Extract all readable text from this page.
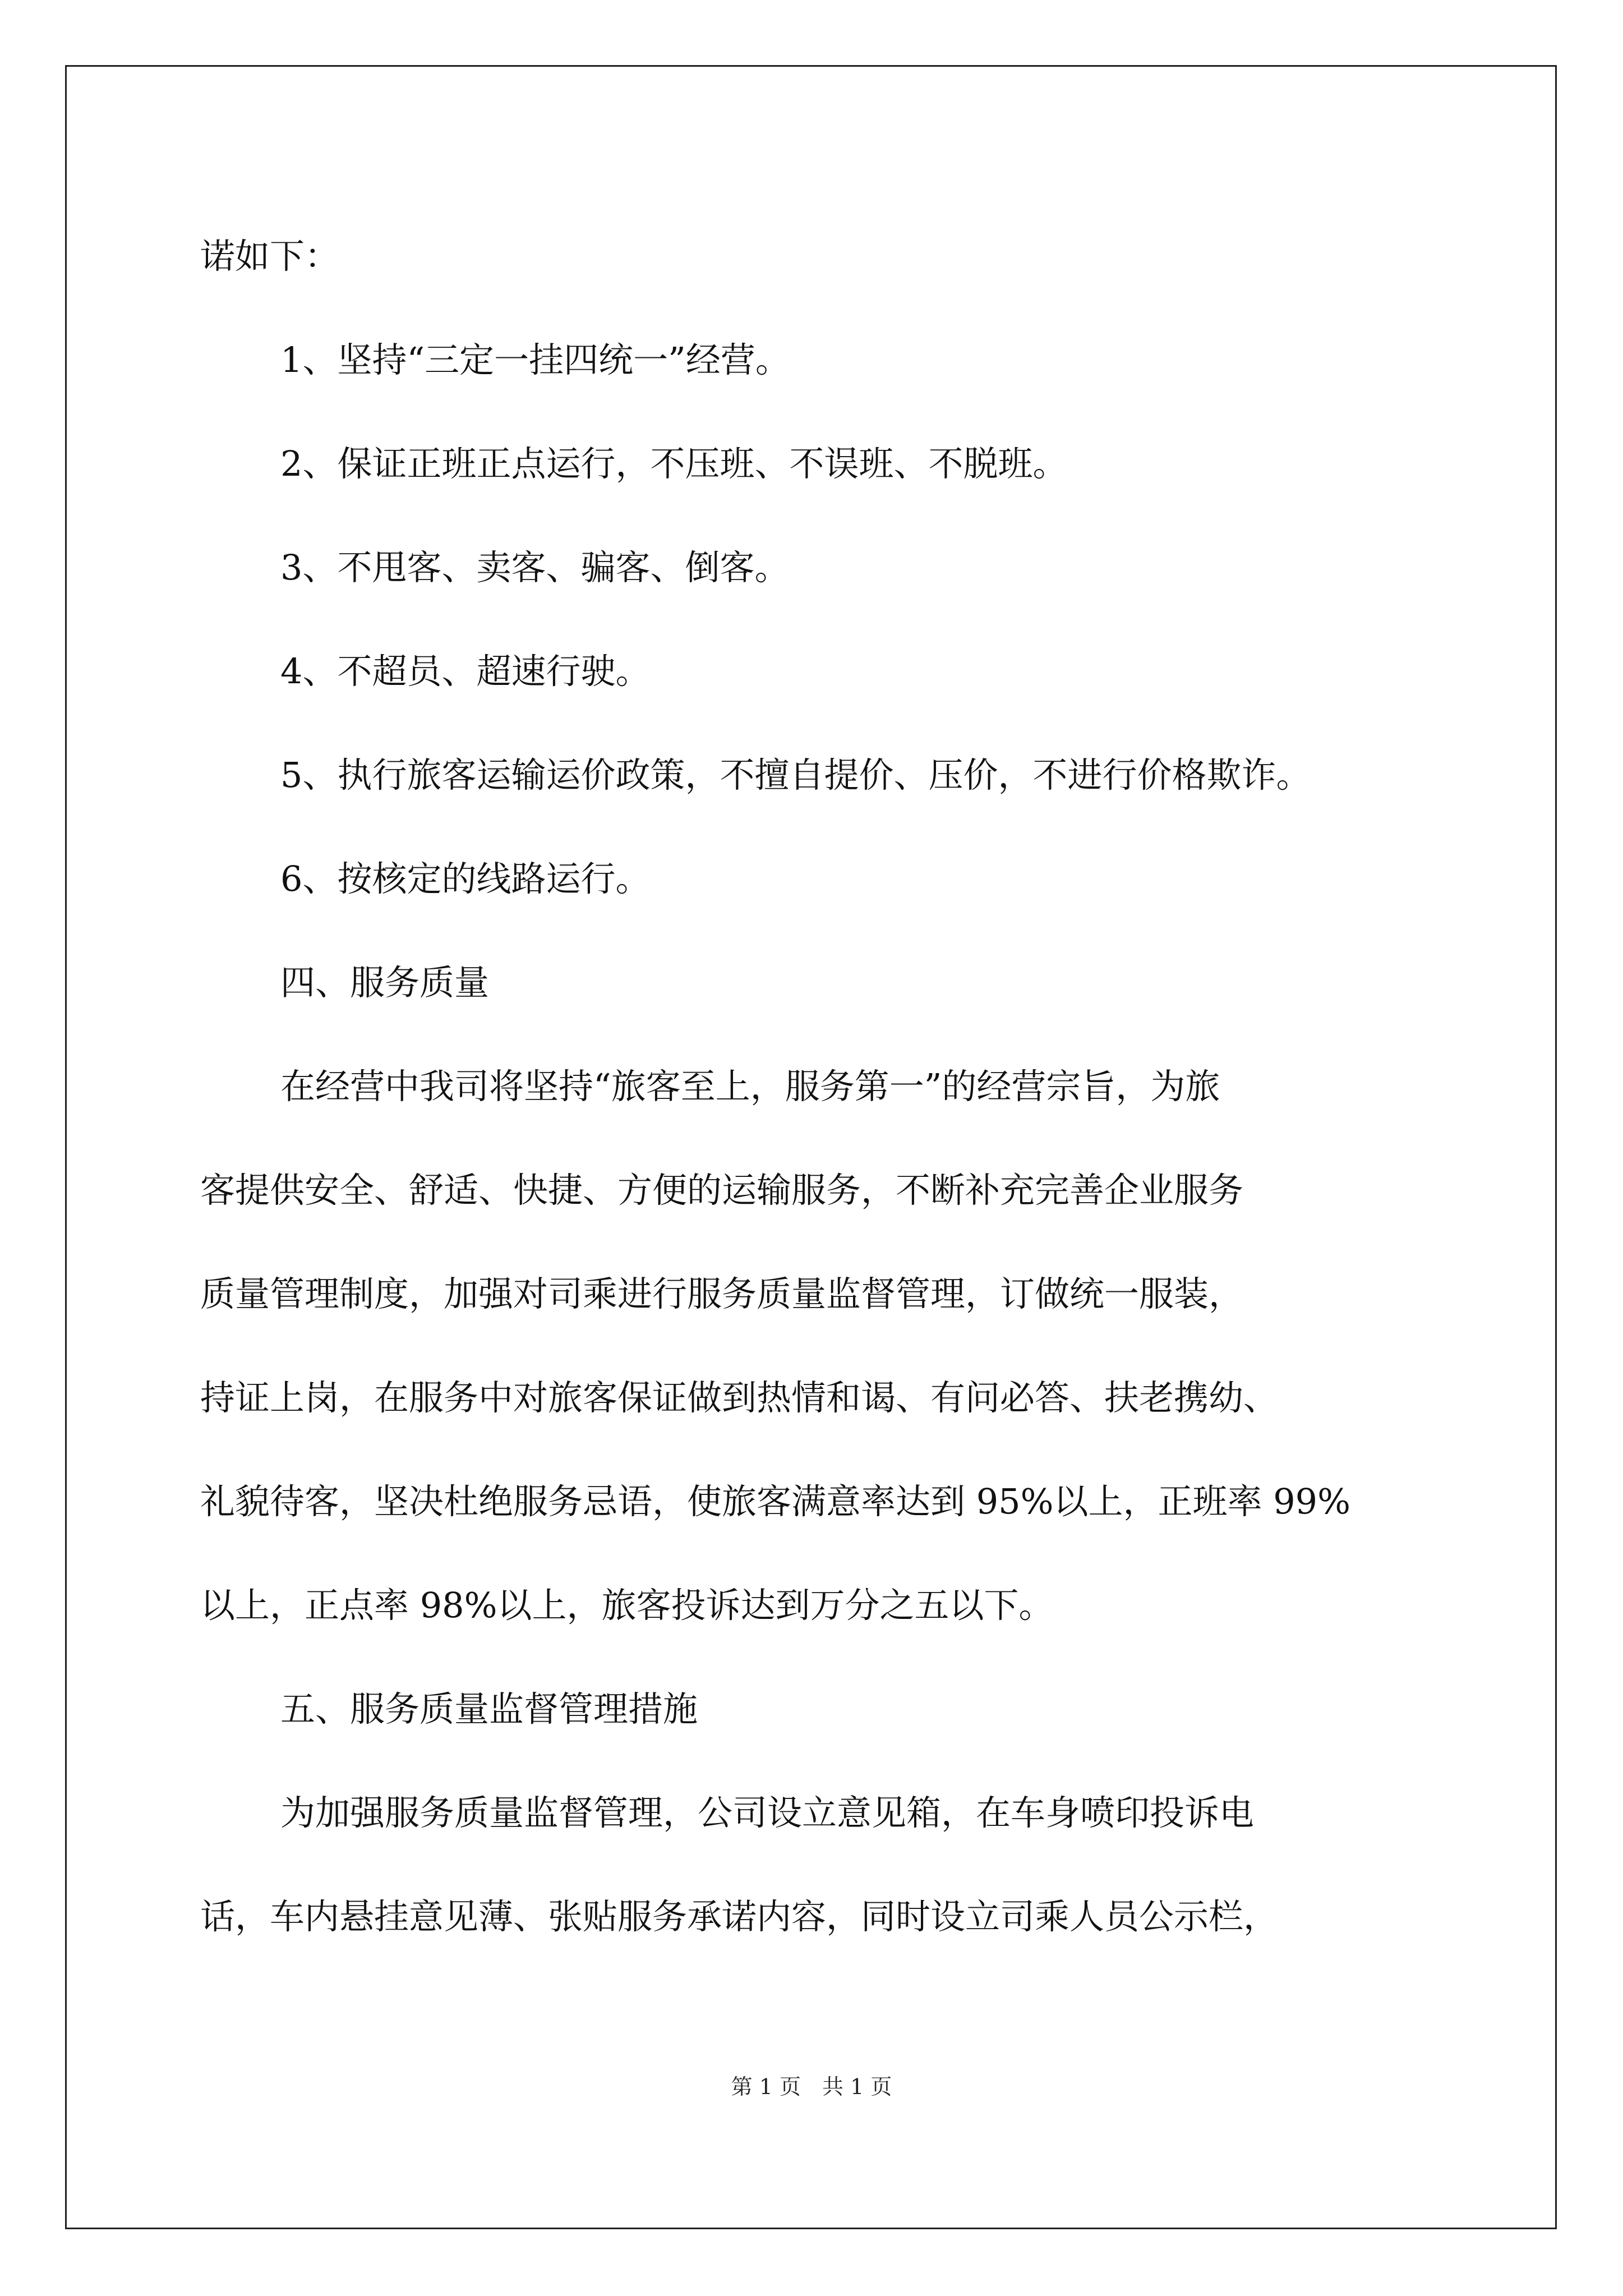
诺如下：
1、坚持“三定一挂四统一”经营。
2、保证正班正点运行，不压班、不误班、不脱班。
3、不甩客、卖客、骗客、倒客。
4、不超员、超速行驶。
5、执行旅客运输运价政策，不擅自提价、压价，不进行价格欺诈。
6、按核定的线路运行。
四、服务质量
在经营中我司将坚持“旅客至上，服务第一”的经营宗旨，为旅
客提供安全、舒适、快捷、方便的运输服务，不断补充完善企业服务
质量管理制度，加强对司乘进行服务质量监督管理，订做统一服装，
持证上岗，在服务中对旅客保证做到热情和谒、有问必答、扶老携幼、
礼貌待客，坚决杜绝服务忌语，使旅客满意率达到 95%以上，正班率 99%
以上，正点率 98%以上，旅客投诉达到万分之五以下。
五、服务质量监督管理措施
为加强服务质量监督管理，公司设立意见箱，在车身喷印投诉电
话，车内悬挂意见薄、张贴服务承诺内容，同时设立司乘人员公示栏，
第 1 页　共 1 页
